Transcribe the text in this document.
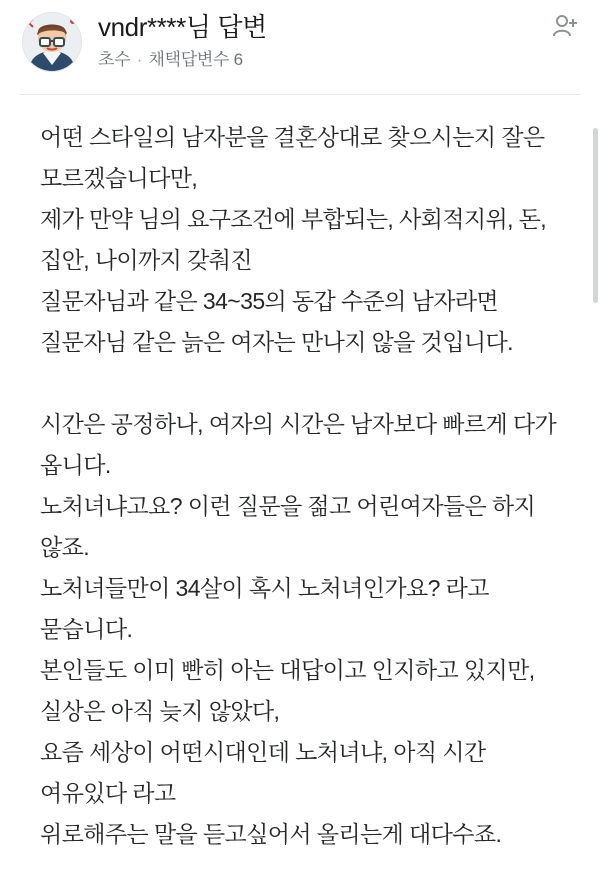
vndr****님 답변
초수 · 채택답변수 6

어떤 스타일의 남자분을 결혼상대로 찾으시는지 잘은 모르겠습니다만,

제가 만약 님의 요구조건에 부합되는, 사회적지위, 돈, 집안, 나이까지 갖춰진

질문자님과 같은 34~35의 동갑 수준의 남자라면

질문자님 같은 늙은 여자는 만나지 않을 것입니다.

시간은 공정하나, 여자의 시간은 남자보다 빠르게 다가 옵니다.

노처녀냐고요? 이런 질문을 젊고 어린여자들은 하지 않죠.

노처녀들만이 34살이 혹시 노처녀인가요? 라고 묻습니다.

본인들도 이미 빤히 아는 대답이고 인지하고 있지만, 실상은 아직 늦지 않았다,

요즘 세상이 어떤시대인데 노처녀냐, 아직 시간 여유있다 라고

위로해주는 말을 듣고싶어서 올리는게 대다수죠.
